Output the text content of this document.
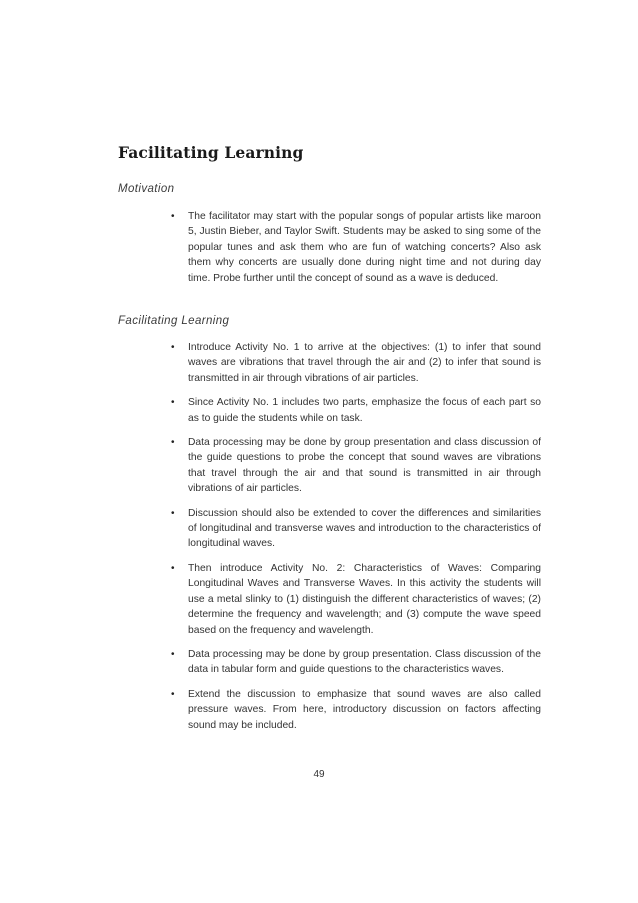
Facilitating Learning
Motivation
• The facilitator may start with the popular songs of popular artists like maroon 5, Justin Bieber, and Taylor Swift. Students may be asked to sing some of the popular tunes and ask them who are fun of watching concerts? Also ask them why concerts are usually done during night time and not during day time. Probe further until the concept of sound as a wave is deduced.
Facilitating Learning
• Introduce Activity No. 1 to arrive at the objectives: (1) to infer that sound waves are vibrations that travel through the air and (2) to infer that sound is transmitted in air through vibrations of air particles.
• Since Activity No. 1 includes two parts, emphasize the focus of each part so as to guide the students while on task.
• Data processing may be done by group presentation and class discussion of the guide questions to probe the concept that sound waves are vibrations that travel through the air and that sound is transmitted in air through vibrations of air particles.
• Discussion should also be extended to cover the differences and similarities of longitudinal and transverse waves and introduction to the characteristics of longitudinal waves.
• Then introduce Activity No. 2: Characteristics of Waves: Comparing Longitudinal Waves and Transverse Waves. In this activity the students will use a metal slinky to (1) distinguish the different characteristics of waves; (2) determine the frequency and wavelength; and (3) compute the wave speed based on the frequency and wavelength.
• Data processing may be done by group presentation. Class discussion of the data in tabular form and guide questions to the characteristics waves.
• Extend the discussion to emphasize that sound waves are also called pressure waves. From here, introductory discussion on factors affecting sound may be included.
49
